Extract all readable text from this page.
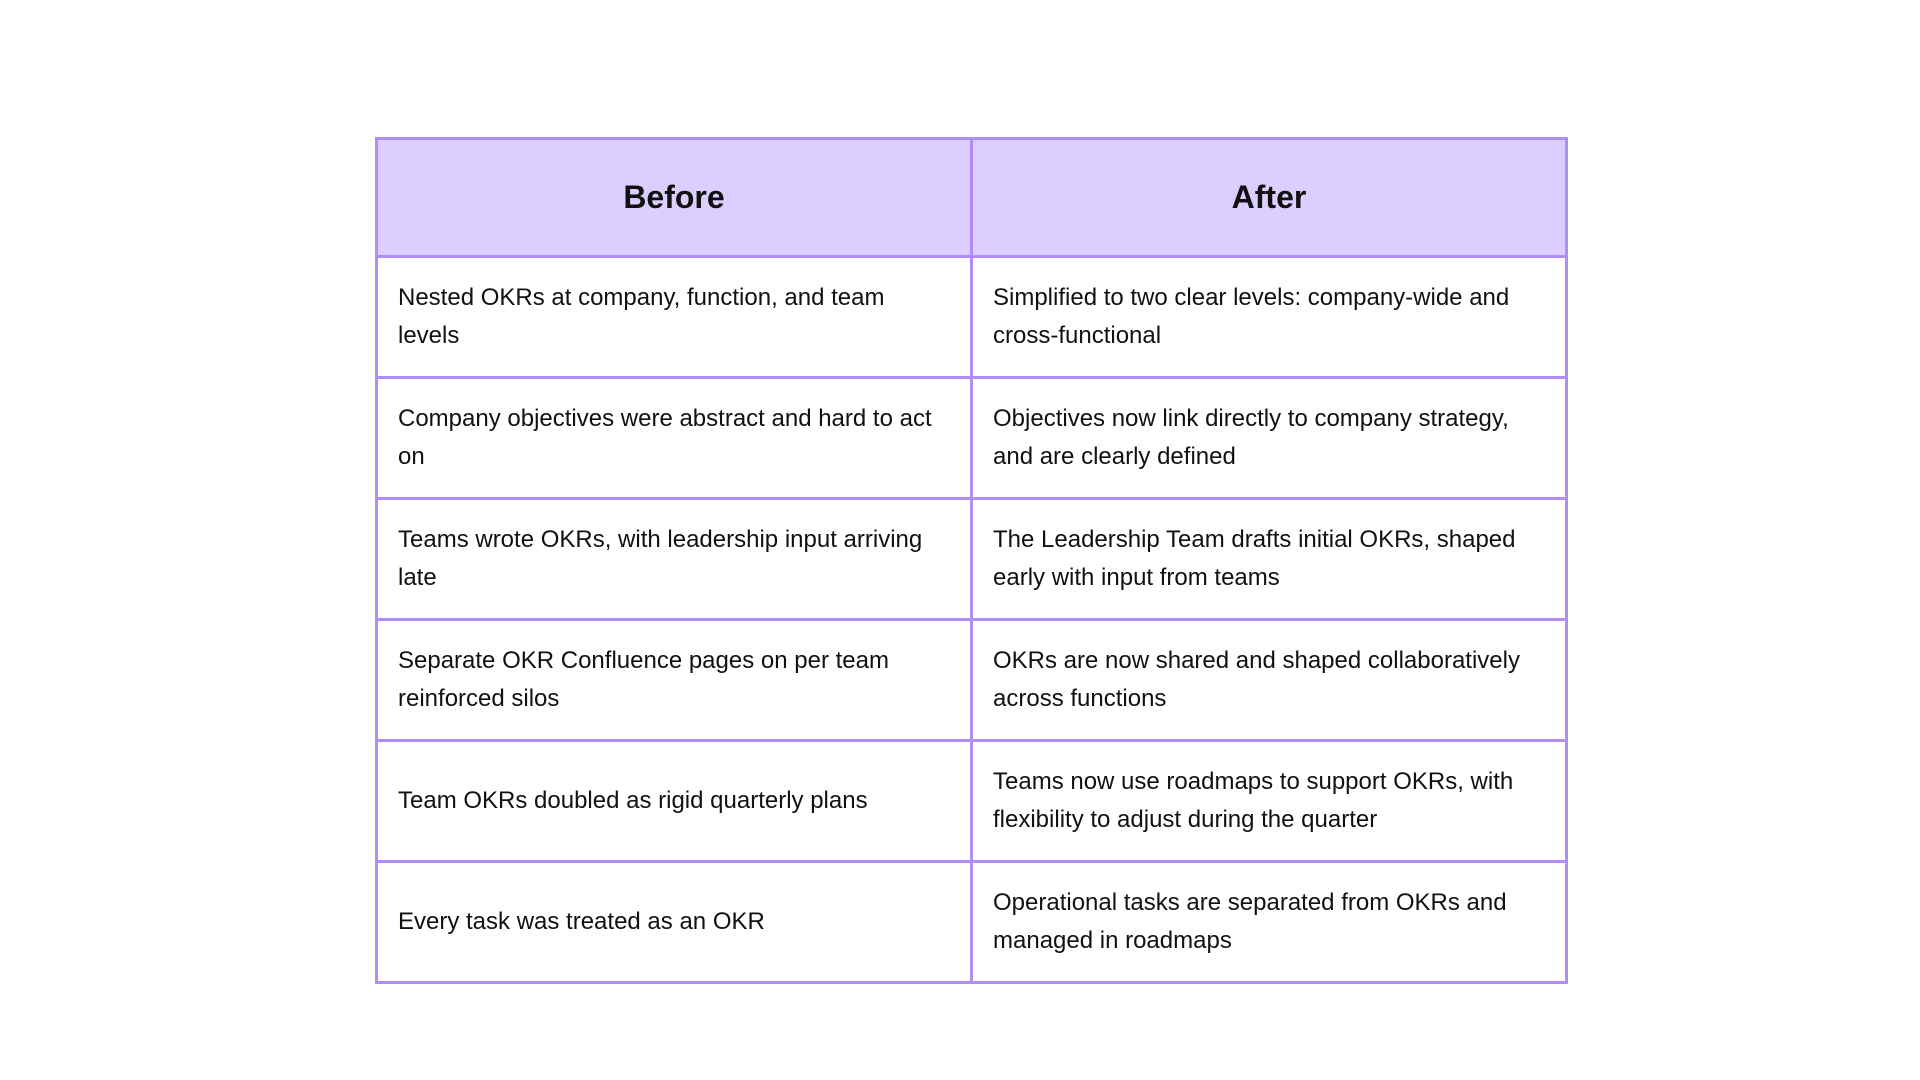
Before	After
Nested OKRs at company, function, and team levels	Simplified to two clear levels: company-wide and cross-functional
Company objectives were abstract and hard to act on	Objectives now link directly to company strategy, and are clearly defined
Teams wrote OKRs, with leadership input arriving late	The Leadership Team drafts initial OKRs, shaped early with input from teams
Separate OKR Confluence pages on per team reinforced silos	OKRs are now shared and shaped collaboratively across functions
Team OKRs doubled as rigid quarterly plans	Teams now use roadmaps to support OKRs, with flexibility to adjust during the quarter
Every task was treated as an OKR	Operational tasks are separated from OKRs and managed in roadmaps
